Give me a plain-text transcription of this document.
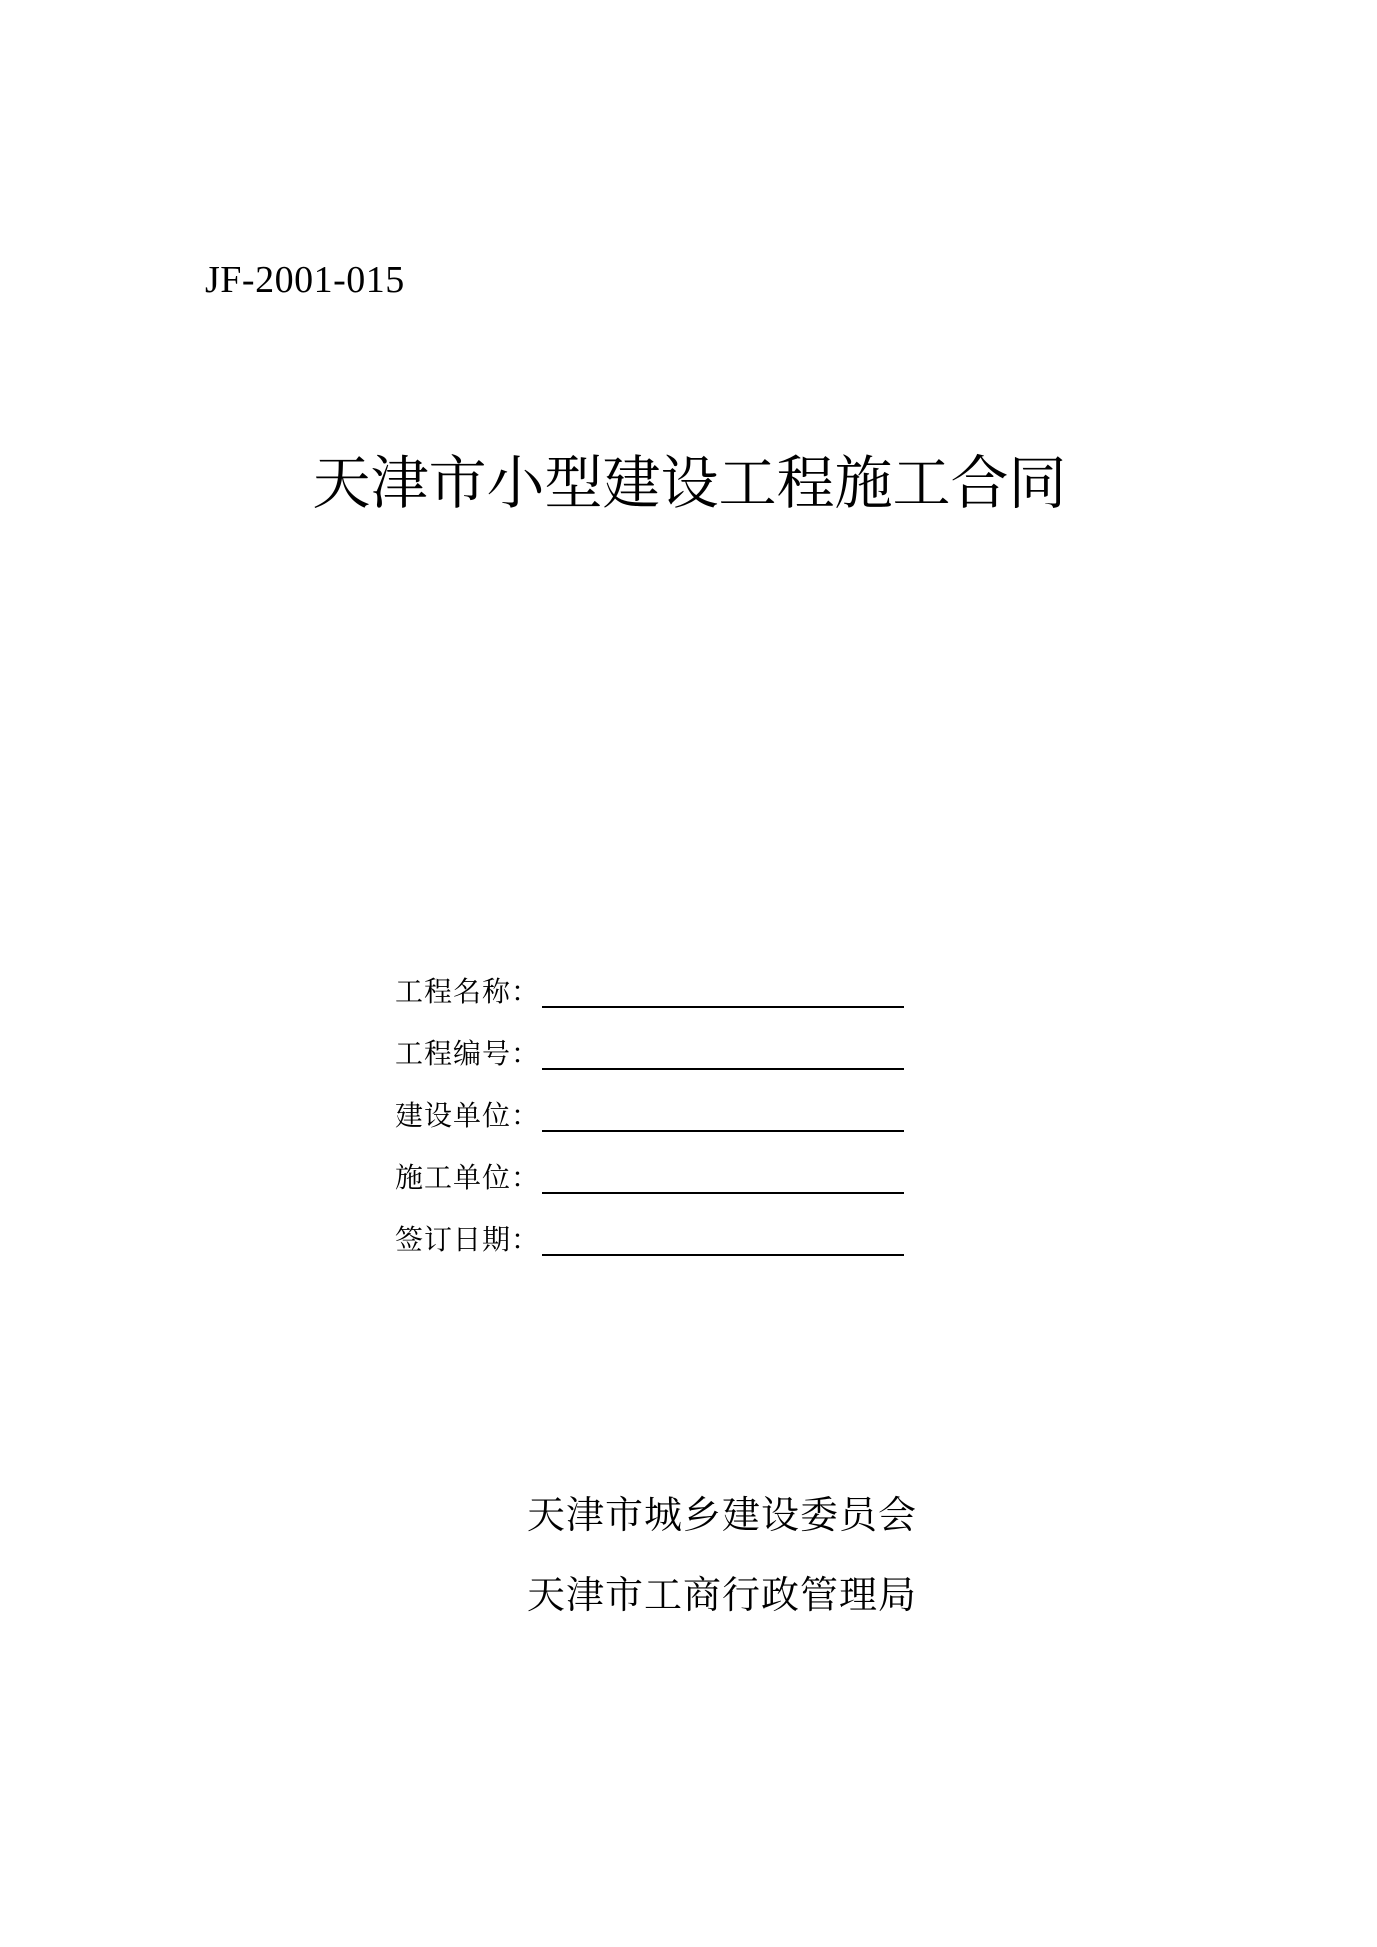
JF-2001-015
天津市小型建设工程施工合同
工程名称：
工程编号：
建设单位：
施工单位：
签订日期：
天津市城乡建设委员会
天津市工商行政管理局
